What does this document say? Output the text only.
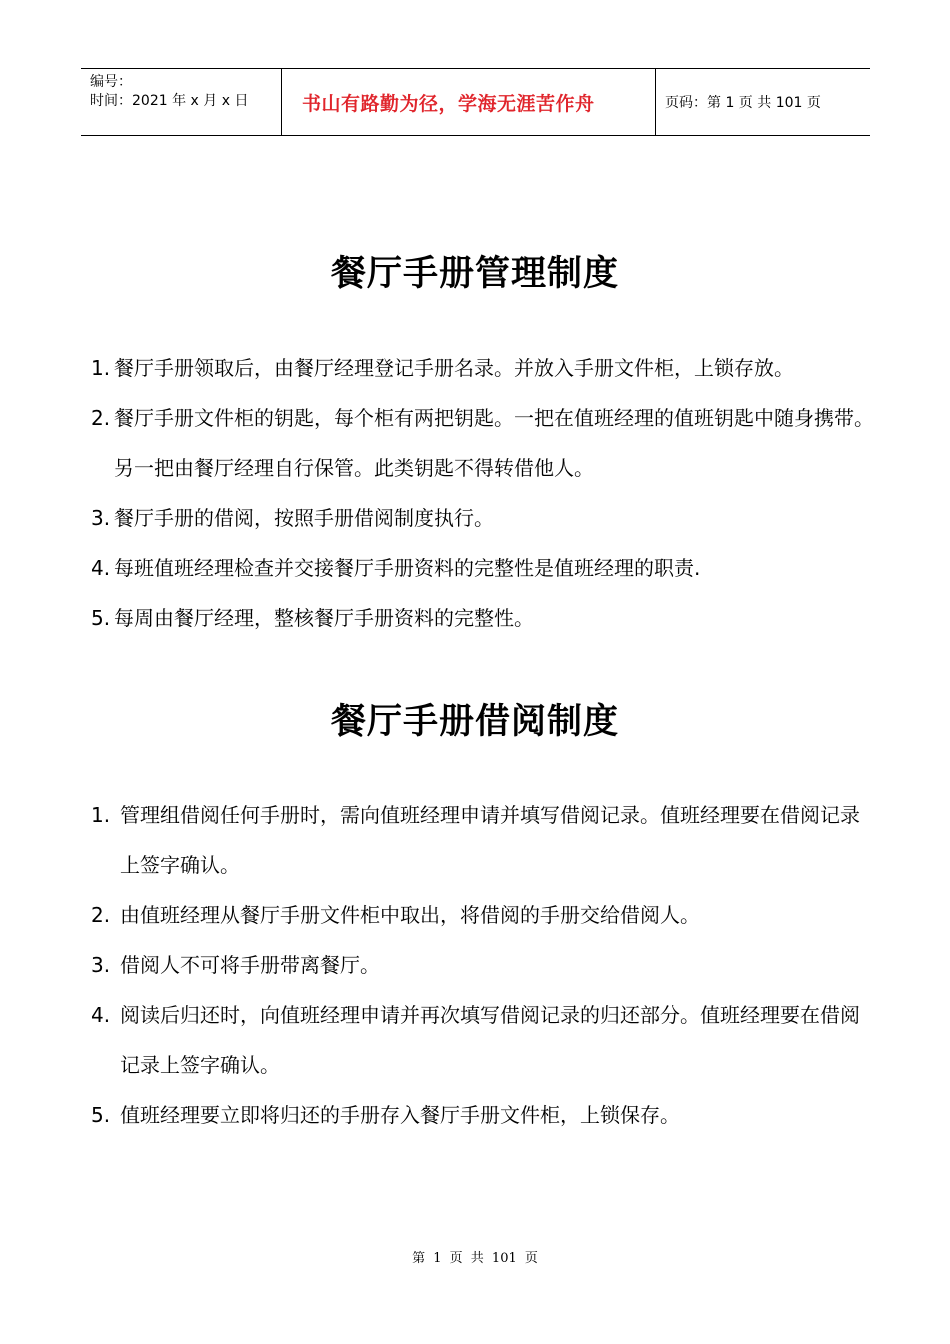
编号：
时间：2021 年 x 月 x 日	书山有路勤为径，学海无涯苦作舟	页码：第 1 页 共 101 页
餐厅手册管理制度
1. 餐厅手册领取后，由餐厅经理登记手册名录。并放入手册文件柜，上锁存放。
2. 餐厅手册文件柜的钥匙，每个柜有两把钥匙。一把在值班经理的值班钥匙中随身携带。另一把由餐厅经理自行保管。此类钥匙不得转借他人。
3. 餐厅手册的借阅，按照手册借阅制度执行。
4. 每班值班经理检查并交接餐厅手册资料的完整性是值班经理的职责.
5. 每周由餐厅经理，整核餐厅手册资料的完整性。
餐厅手册借阅制度
1. 管理组借阅任何手册时，需向值班经理申请并填写借阅记录。值班经理要在借阅记录上签字确认。
2. 由值班经理从餐厅手册文件柜中取出，将借阅的手册交给借阅人。
3. 借阅人不可将手册带离餐厅。
4. 阅读后归还时，向值班经理申请并再次填写借阅记录的归还部分。值班经理要在借阅记录上签字确认。
5. 值班经理要立即将归还的手册存入餐厅手册文件柜，上锁保存。
第 1 页 共 101 页
